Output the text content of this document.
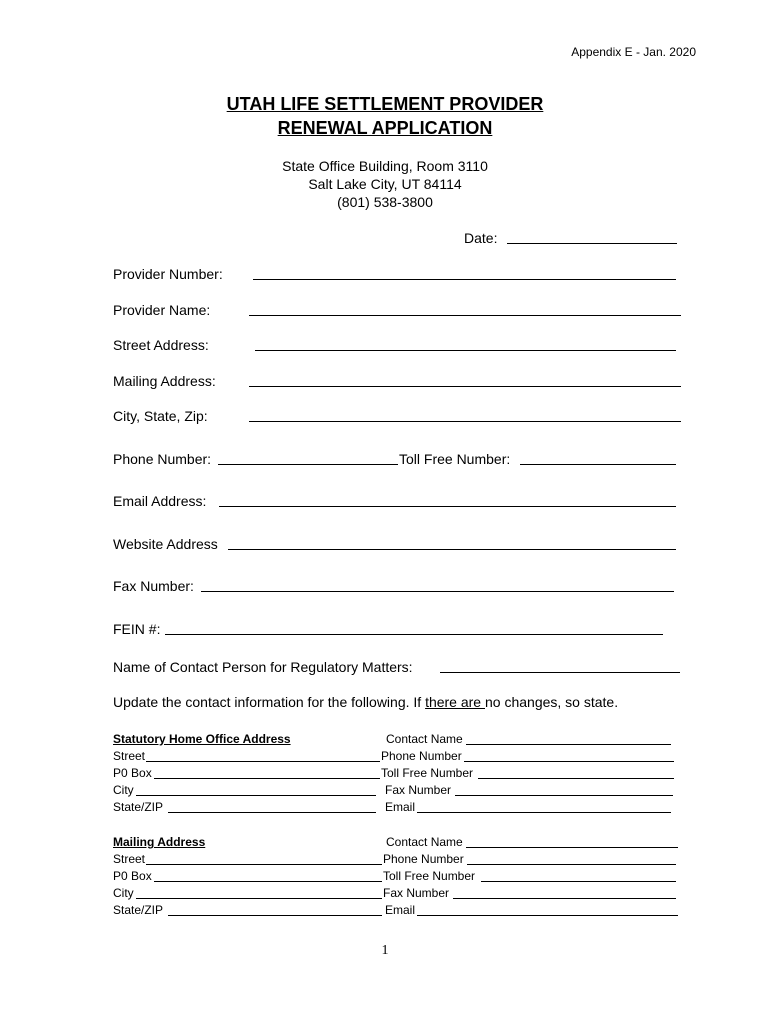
Appendix E - Jan. 2020
UTAH LIFE SETTLEMENT PROVIDER
RENEWAL APPLICATION
State Office Building, Room 3110
Salt Lake City, UT 84114
(801) 538-3800
Date:
Provider Number:
Provider Name:
Street Address:
Mailing Address:
City, State, Zip:
Phone Number:	Toll Free Number:
Email Address:
Website Address
Fax Number:
FEIN #:
Name of Contact Person for Regulatory Matters:
Update the contact information for the following. If there are no changes, so state.
Statutory Home Office Address	Contact Name
Street	Phone Number
P0 Box	Toll Free Number
City	Fax Number
State/ZIP	Email
Mailing Address	Contact Name
Street	Phone Number
P0 Box	Toll Free Number
City	Fax Number
State/ZIP	Email
1
